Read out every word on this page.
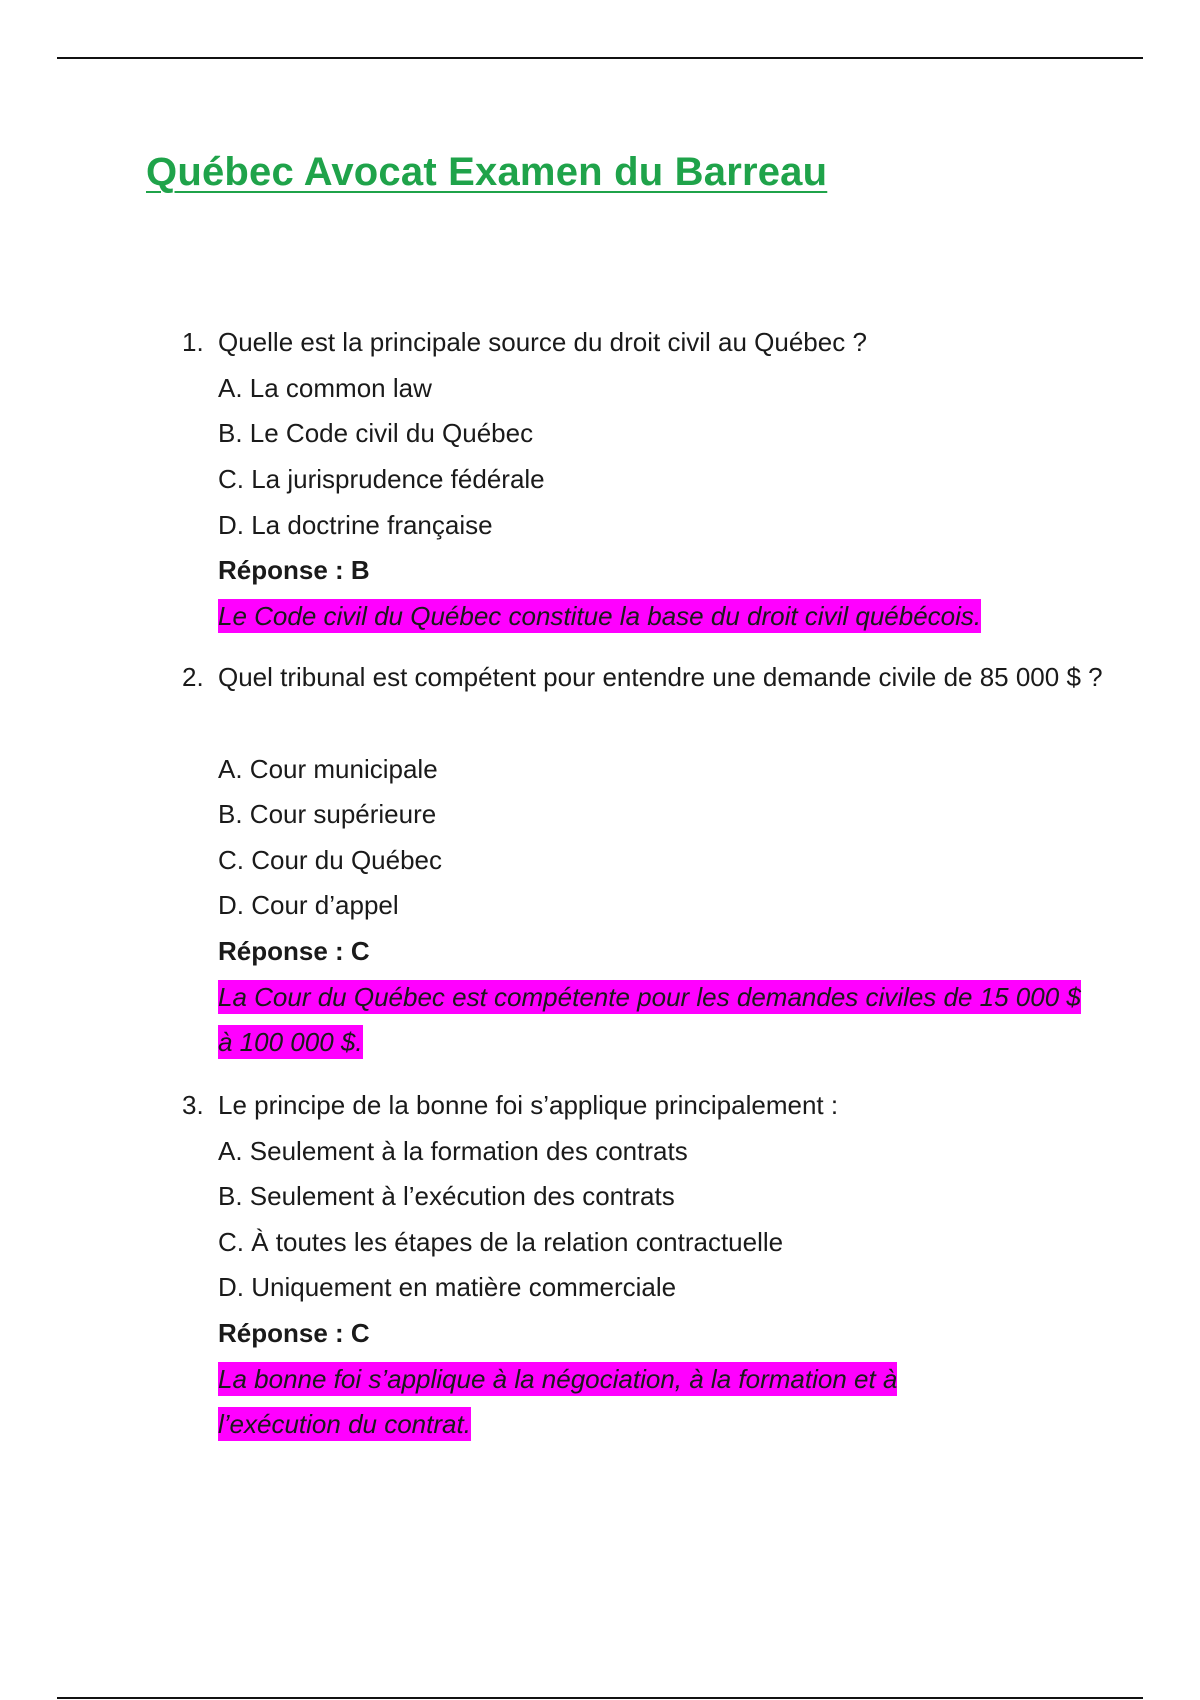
Québec Avocat Examen du Barreau
1. Quelle est la principale source du droit civil au Québec ?

A. La common law
B. Le Code civil du Québec
C. La jurisprudence fédérale
D. La doctrine française
Réponse : B

Le Code civil du Québec constitue la base du droit civil québécois.

2. Quel tribunal est compétent pour entendre une demande civile de 85 000 $ ?

A. Cour municipale
B. Cour supérieure
C. Cour du Québec
D. Cour d’appel
Réponse : C

La Cour du Québec est compétente pour les demandes civiles de 15 000 $ à 100 000 $.

3. Le principe de la bonne foi s’applique principalement :

A. Seulement à la formation des contrats
B. Seulement à l’exécution des contrats
C. À toutes les étapes de la relation contractuelle
D. Uniquement en matière commerciale
Réponse : C

La bonne foi s’applique à la négociation, à la formation et à l’exécution du contrat.
